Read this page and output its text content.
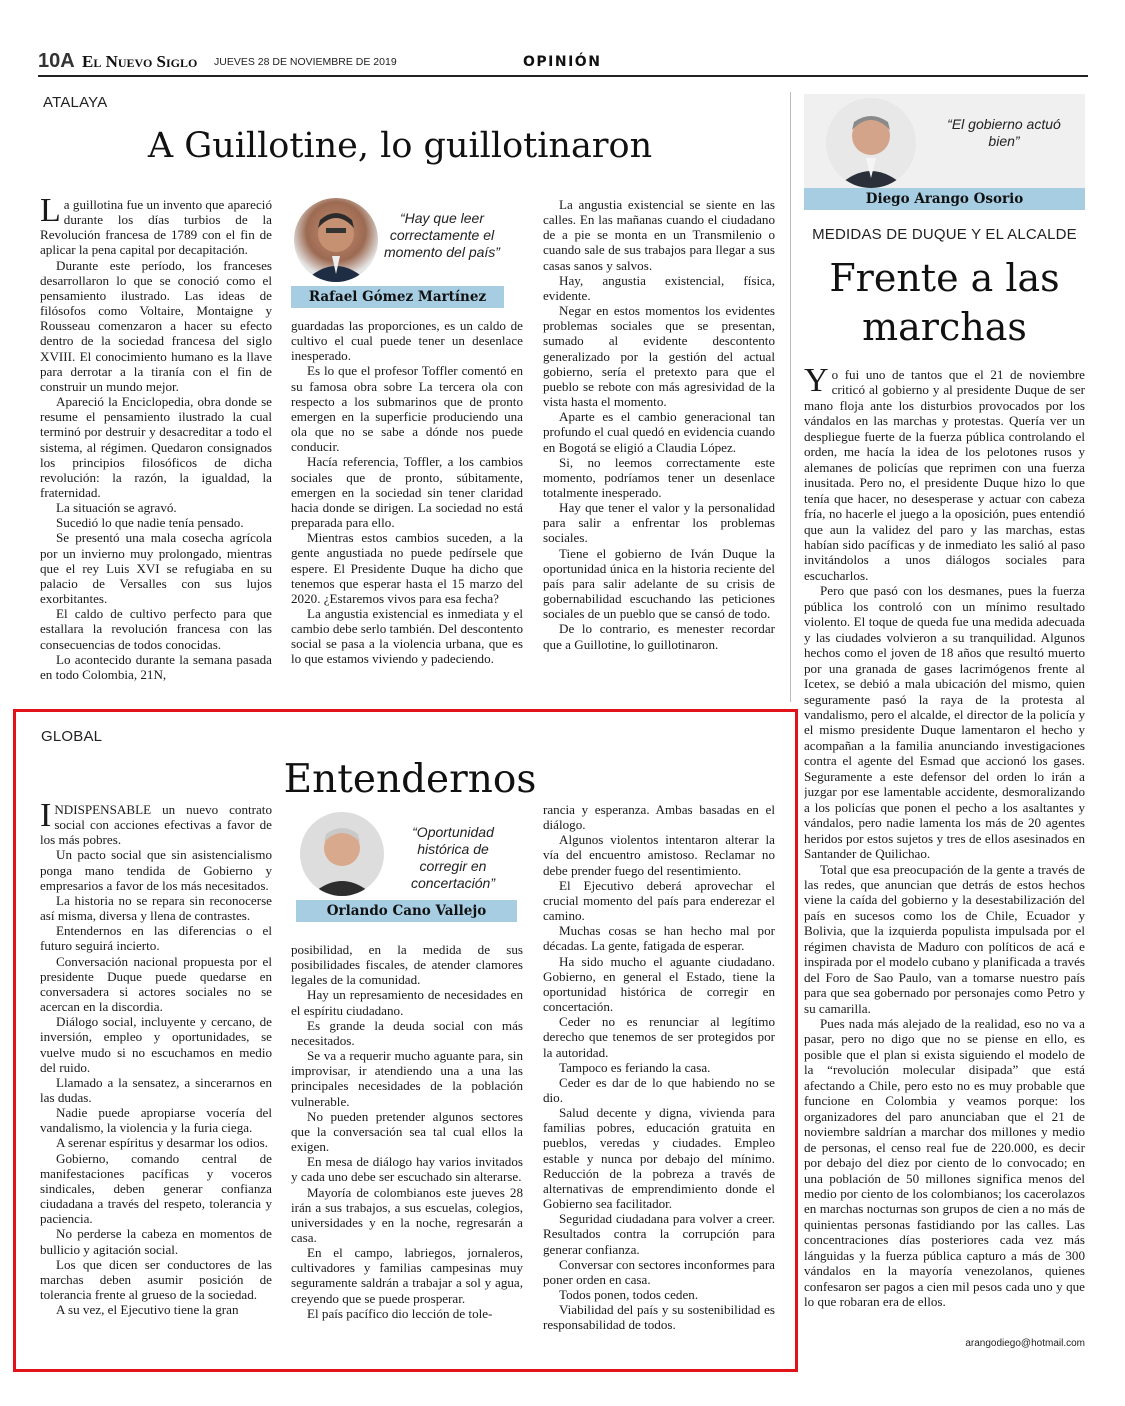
10A El Nuevo Siglo JUEVES 28 DE NOVIEMBRE DE 2019	OPINIÓN
ATALAYA
A Guillotine, lo guillotinaron

La guillotina fue un invento que apareció durante los días turbios de la Revolución francesa de 1789 con el fin de aplicar la pena capital por decapitación.

Durante este período, los franceses desarrollaron lo que se conoció como el pensamiento ilustrado. Las ideas de filósofos como Voltaire, Montaigne y Rousseau comenzaron a hacer su efecto dentro de la sociedad francesa del siglo XVIII. El conocimiento humano es la llave para derrotar a la tiranía con el fin de construir un mundo mejor.

Apareció la Enciclopedia, obra donde se resume el pensamiento ilustrado la cual terminó por destruir y desacreditar a todo el sistema, al régimen. Quedaron consignados los principios filosóficos de dicha revolución: la razón, la igualdad, la fraternidad.

La situación se agravó.

Sucedió lo que nadie tenía pensado.

Se presentó una mala cosecha agrícola por un invierno muy prolongado, mientras que el rey Luis XVI se refugiaba en su palacio de Versalles con sus lujos exorbitantes.

El caldo de cultivo perfecto para que estallara la revolución francesa con las consecuencias de todos conocidas.

Lo acontecido durante la semana pasada en todo Colombia, 21N,

“Hay que leer correctamente el momento del país”
Rafael Gómez Martínez

guardadas las proporciones, es un caldo de cultivo el cual puede tener un desenlace inesperado.

Es lo que el profesor Toffler comentó en su famosa obra sobre La tercera ola con respecto a los submarinos que de pronto emergen en la superficie produciendo una ola que no se sabe a dónde nos puede conducir.

Hacía referencia, Toffler, a los cambios sociales que de pronto, súbitamente, emergen en la sociedad sin tener claridad hacia donde se dirigen. La sociedad no está preparada para ello.

Mientras estos cambios suceden, a la gente angustiada no puede pedírsele que espere. El Presidente Duque ha dicho que tenemos que esperar hasta el 15 marzo del 2020. ¿Estaremos vivos para esa fecha?

La angustia existencial es inmediata y el cambio debe serlo también. Del descontento social se pasa a la violencia urbana, que es lo que estamos viviendo y padeciendo.

La angustia existencial se siente en las calles. En las mañanas cuando el ciudadano de a pie se monta en un Transmilenio o cuando sale de sus trabajos para llegar a sus casas sanos y salvos.

Hay, angustia existencial, física, evidente.

Negar en estos momentos los evidentes problemas sociales que se presentan, sumado al evidente descontento generalizado por la gestión del actual gobierno, sería el pretexto para que el pueblo se rebote con más agresividad de la vista hasta el momento.

Aparte es el cambio generacional tan profundo el cual quedó en evidencia cuando en Bogotá se eligió a Claudia López.

Si, no leemos correctamente este momento, podríamos tener un desenlace totalmente inesperado.

Hay que tener el valor y la personalidad para salir a enfrentar los problemas sociales.

Tiene el gobierno de Iván Duque la oportunidad única en la historia reciente del país para salir adelante de su crisis de gobernabilidad escuchando las peticiones sociales de un pueblo que se cansó de todo.

De lo contrario, es menester recordar que a Guillotine, lo guillotinaron.

“El gobierno actuó bien”
Diego Arango Osorio
MEDIDAS DE DUQUE Y EL ALCALDE
Frente a las
marchas

Yo fui uno de tantos que el 21 de noviembre criticó al gobierno y al presidente Duque de ser mano floja ante los disturbios provocados por los vándalos en las marchas y protestas. Quería ver un despliegue fuerte de la fuerza pública controlando el orden, me hacía la idea de los pelotones rusos y alemanes de policías que reprimen con una fuerza inusitada. Pero no, el presidente Duque hizo lo que tenía que hacer, no desesperase y actuar con cabeza fría, no hacerle el juego a la oposición, pues entendió que aun la validez del paro y las marchas, estas habían sido pacíficas y de inmediato les salió al paso invitándolos a unos diálogos sociales para escucharlos.

Pero que pasó con los desmanes, pues la fuerza pública los controló con un mínimo resultado violento. El toque de queda fue una medida adecuada y las ciudades volvieron a su tranquilidad. Algunos hechos como el joven de 18 años que resultó muerto por una granada de gases lacrimógenos frente al Icetex, se debió a mala ubicación del mismo, quien seguramente pasó la raya de la protesta al vandalismo, pero el alcalde, el director de la policía y el mismo presidente Duque lamentaron el hecho y acompañan a la familia anunciando investigaciones contra el agente del Esmad que accionó los gases. Seguramente a este defensor del orden lo irán a juzgar por ese lamentable accidente, desmoralizando a los policías que ponen el pecho a los asaltantes y vándalos, pero nadie lamenta los más de 20 agentes heridos por estos sujetos y tres de ellos asesinados en Santander de Quilichao.

Total que esa preocupación de la gente a través de las redes, que anuncian que detrás de estos hechos viene la caída del gobierno y la desestabilización del país en sucesos como los de Chile, Ecuador y Bolivia, que la izquierda populista impulsada por el régimen chavista de Maduro con políticos de acá e inspirada por el modelo cubano y planificada a través del Foro de Sao Paulo, van a tomarse nuestro país para que sea gobernado por personajes como Petro y su camarilla.

Pues nada más alejado de la realidad, eso no va a pasar, pero no digo que no se piense en ello, es posible que el plan si exista siguiendo el modelo de la “revolución molecular disipada” que está afectando a Chile, pero esto no es muy probable que funcione en Colombia y veamos porque: los organizadores del paro anunciaban que el 21 de noviembre saldrían a marchar dos millones y medio de personas, el censo real fue de 220.000, es decir por debajo del diez por ciento de lo convocado; en una población de 50 millones significa menos del medio por ciento de los colombianos; los cacerolazos en marchas nocturnas son grupos de cien a no más de quinientas personas fastidiando por las calles. Las concentraciones días posteriores cada vez más lánguidas y la fuerza pública capturo a más de 300 vándalos en la mayoría venezolanos, quienes confesaron ser pagos a cien mil pesos cada uno y que lo que robaran era de ellos.

arangodiego@hotmail.com
GLOBAL
Entendernos

INDISPENSABLE un nuevo contrato social con acciones efectivas a favor de los más pobres.

Un pacto social que sin asistencialismo ponga mano tendida de Gobierno y empresarios a favor de los más necesitados.

La historia no se repara sin reconocerse así misma, diversa y llena de contrastes.

Entendernos en las diferencias o el futuro seguirá incierto.

Conversación nacional propuesta por el presidente Duque puede quedarse en conversadera si actores sociales no se acercan en la discordia.

Diálogo social, incluyente y cercano, de inversión, empleo y oportunidades, se vuelve mudo si no escuchamos en medio del ruido.

Llamado a la sensatez, a sincerarnos en las dudas.

Nadie puede apropiarse vocería del vandalismo, la violencia y la furia ciega.

A serenar espíritus y desarmar los odios.

Gobierno, comando central de manifestaciones pacíficas y voceros sindicales, deben generar confianza ciudadana a través del respeto, tolerancia y paciencia.

No perderse la cabeza en momentos de bullicio y agitación social.

Los que dicen ser conductores de las marchas deben asumir posición de tolerancia frente al grueso de la sociedad.

A su vez, el Ejecutivo tiene la gran

“Oportunidad histórica de corregir en concertación”
Orlando Cano Vallejo

posibilidad, en la medida de sus posibilidades fiscales, de atender clamores legales de la comunidad.

Hay un represamiento de necesidades en el espíritu ciudadano.

Es grande la deuda social con más necesitados.

Se va a requerir mucho aguante para, sin improvisar, ir atendiendo una a una las principales necesidades de la población vulnerable.

No pueden pretender algunos sectores que la conversación sea tal cual ellos la exigen.

En mesa de diálogo hay varios invitados y cada uno debe ser escuchado sin alterarse.

Mayoría de colombianos este jueves 28 irán a sus trabajos, a sus escuelas, colegios, universidades y en la noche, regresarán a casa.

En el campo, labriegos, jornaleros, cultivadores y familias campesinas muy seguramente saldrán a trabajar a sol y agua, creyendo que se puede prosperar.

El país pacífico dio lección de tole-

rancia y esperanza. Ambas basadas en el diálogo.

Algunos violentos intentaron alterar la vía del encuentro amistoso. Reclamar no debe prender fuego del resentimiento.

El Ejecutivo deberá aprovechar el crucial momento del país para enderezar el camino.

Muchas cosas se han hecho mal por décadas. La gente, fatigada de esperar.

Ha sido mucho el aguante ciudadano. Gobierno, en general el Estado, tiene la oportunidad histórica de corregir en concertación.

Ceder no es renunciar al legítimo derecho que tenemos de ser protegidos por la autoridad.

Tampoco es feriando la casa.

Ceder es dar de lo que habiendo no se dio.

Salud decente y digna, vivienda para familias pobres, educación gratuita en pueblos, veredas y ciudades. Empleo estable y nunca por debajo del mínimo. Reducción de la pobreza a través de alternativas de emprendimiento donde el Gobierno sea facilitador.

Seguridad ciudadana para volver a creer. Resultados contra la corrupción para generar confianza.

Conversar con sectores inconformes para poner orden en casa.

Todos ponen, todos ceden.

Viabilidad del país y su sostenibilidad es responsabilidad de todos.
